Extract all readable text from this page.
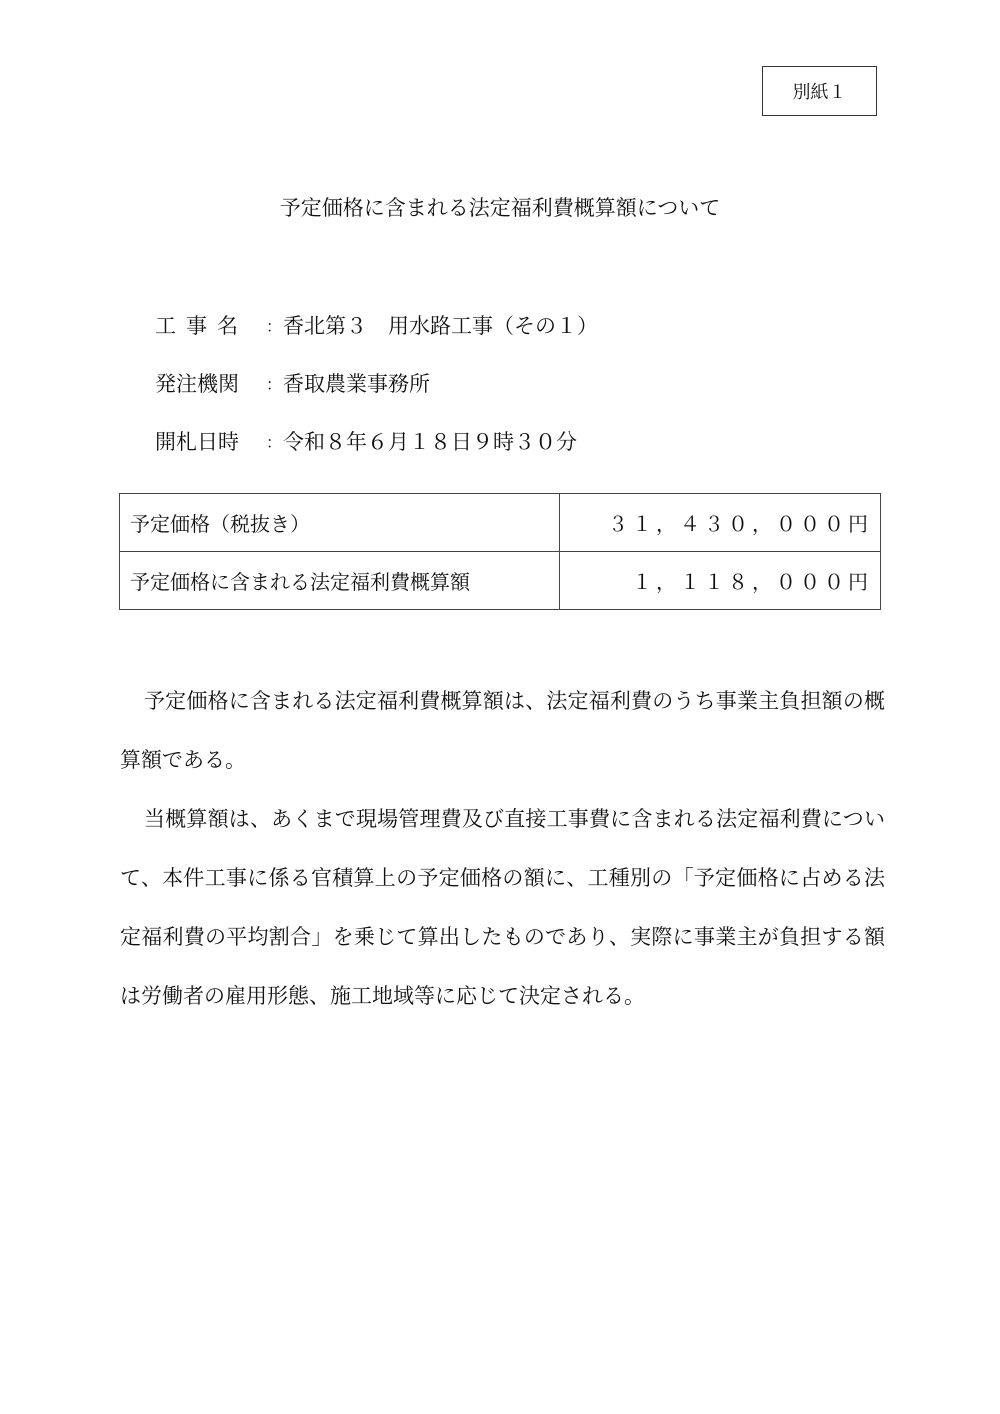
別紙１
予定価格に含まれる法定福利費概算額について
工事名	： 香北第３　用水路工事（その１）
発注機関	： 香取農業事務所
開札日時	： 令和８年６月１８日９時３０分
予定価格（税抜き）	３１，４３０，０００円
予定価格に含まれる法定福利費概算額	１，１１８，０００円

予定価格に含まれる法定福利費概算額は、法定福利費のうち事業主負担額の概算額である。

当概算額は、あくまで現場管理費及び直接工事費に含まれる法定福利費について、本件工事に係る官積算上の予定価格の額に、工種別の「予定価格に占める法定福利費の平均割合」を乗じて算出したものであり、実際に事業主が負担する額は労働者の雇用形態、施工地域等に応じて決定される。
